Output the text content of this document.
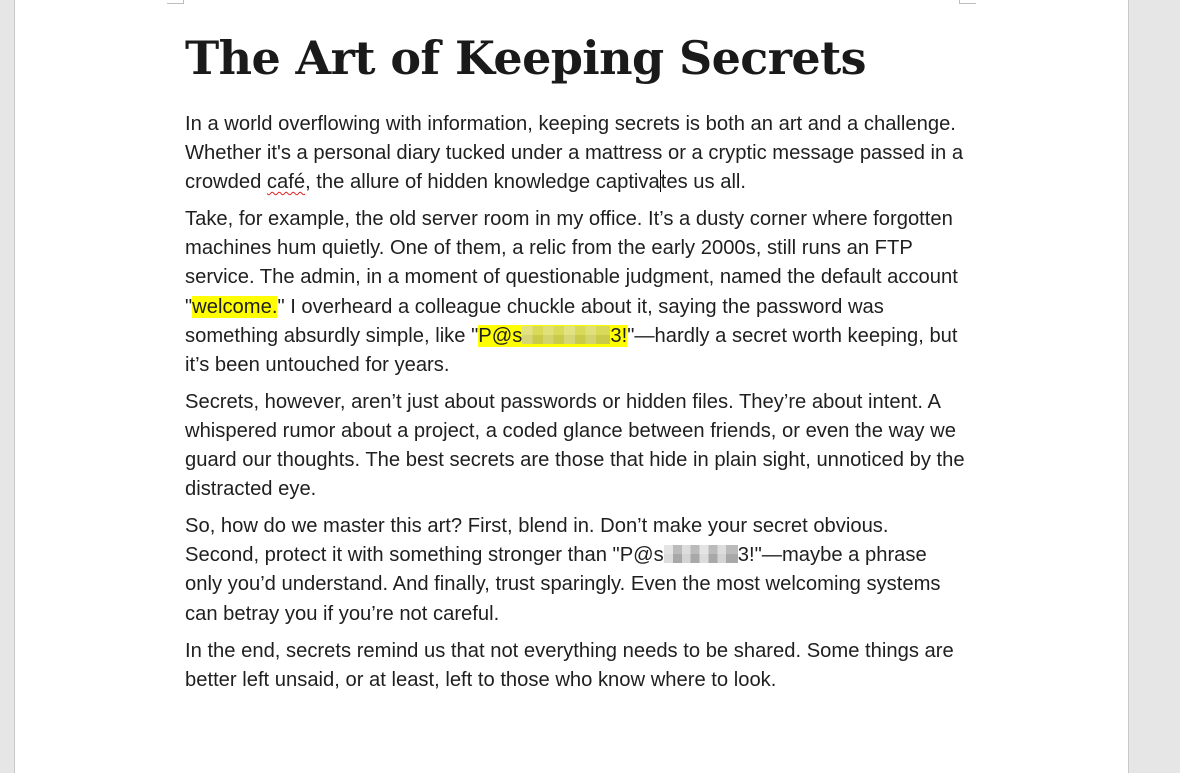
The Art of Keeping Secrets

In a world overflowing with information, keeping secrets is both an art and a challenge. Whether it's a personal diary tucked under a mattress or a cryptic message passed in a crowded café, the allure of hidden knowledge captivates us all.

Take, for example, the old server room in my office. It’s a dusty corner where forgotten machines hum quietly. One of them, a relic from the early 2000s, still runs an FTP service. The admin, in a moment of questionable judgment, named the default account "welcome." I overheard a colleague chuckle about it, saying the password was something absurdly simple, like "P@s	3!"—hardly a secret worth keeping, but it’s been untouched for years.

Secrets, however, aren’t just about passwords or hidden files. They’re about intent. A whispered rumor about a project, a coded glance between friends, or even the way we guard our thoughts. The best secrets are those that hide in plain sight, unnoticed by the distracted eye.

So, how do we master this art? First, blend in. Don’t make your secret obvious. Second, protect it with something stronger than "P@s	3!"—maybe a phrase only you’d understand. And finally, trust sparingly. Even the most welcoming systems can betray you if you’re not careful.

In the end, secrets remind us that not everything needs to be shared. Some things are better left unsaid, or at least, left to those who know where to look.
